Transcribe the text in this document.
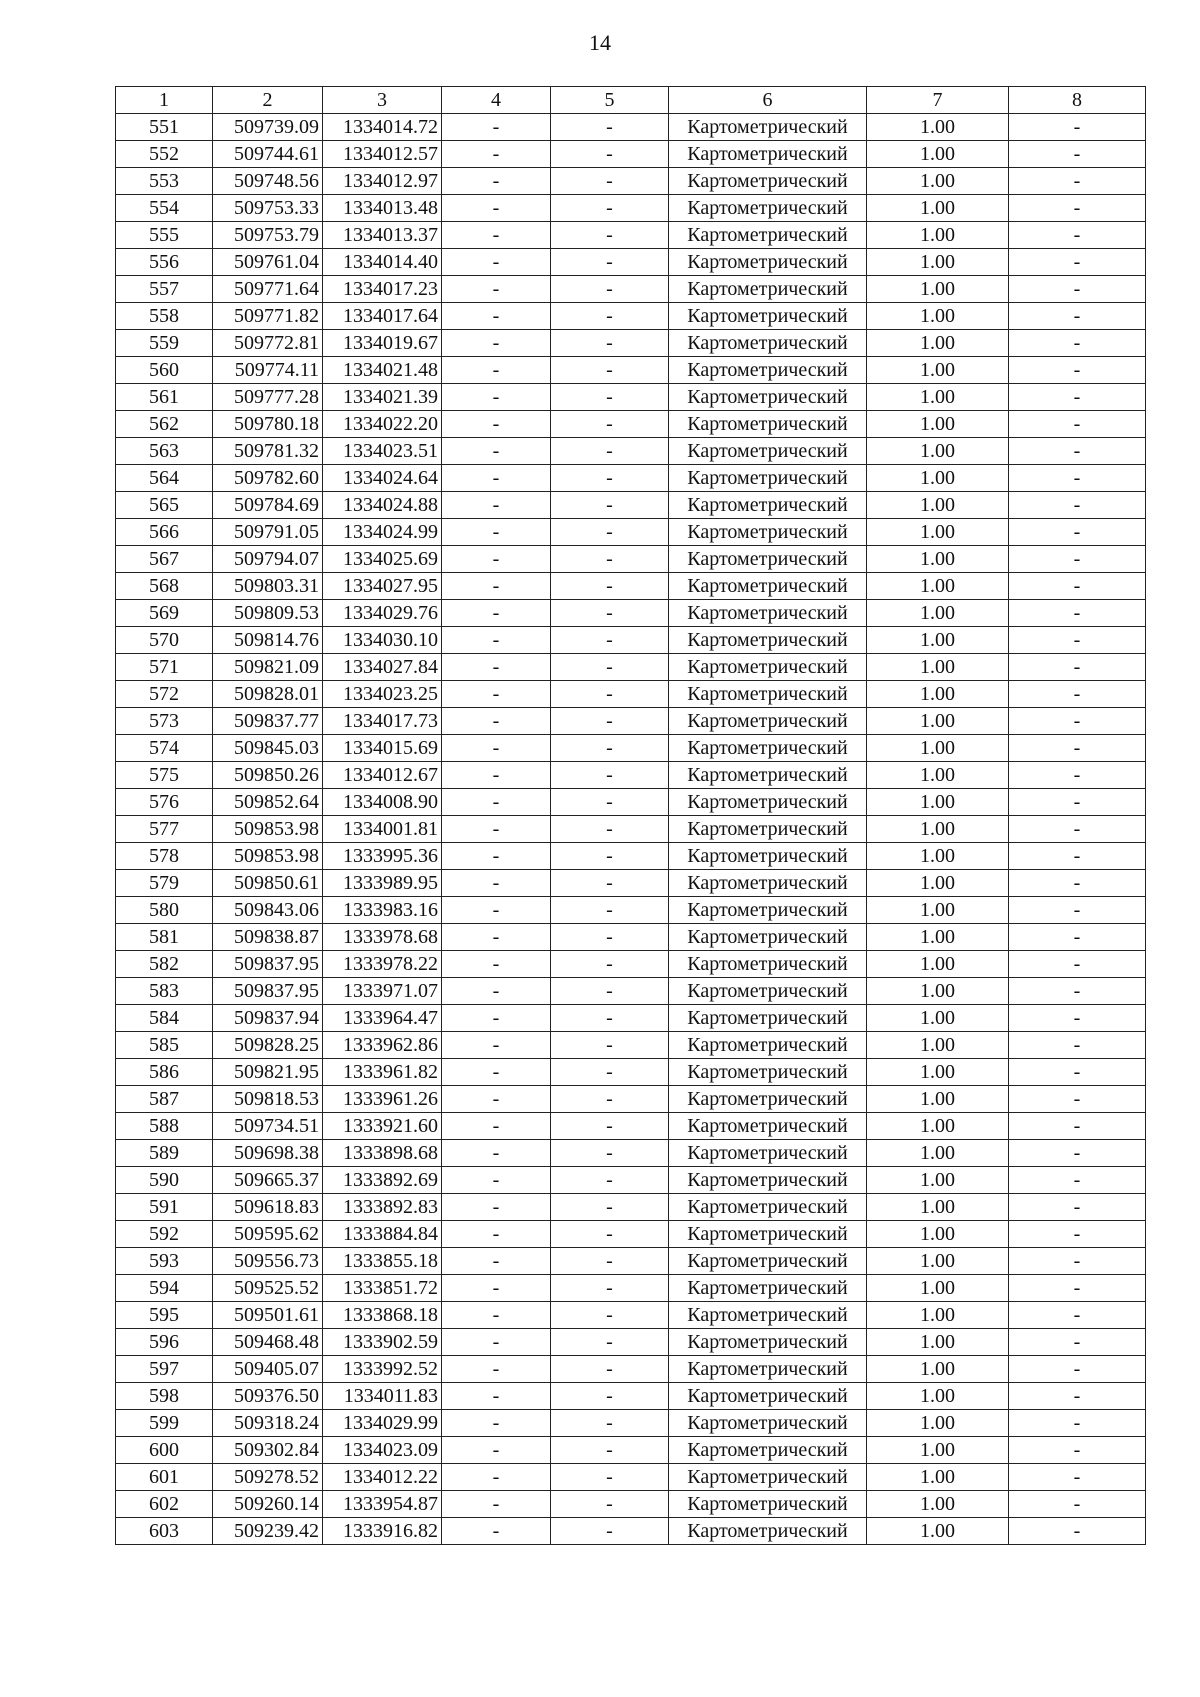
14
1	2	3	4	5	6	7	8
551	509739.09	1334014.72	-	-	Картометрический	1.00	-
552	509744.61	1334012.57	-	-	Картометрический	1.00	-
553	509748.56	1334012.97	-	-	Картометрический	1.00	-
554	509753.33	1334013.48	-	-	Картометрический	1.00	-
555	509753.79	1334013.37	-	-	Картометрический	1.00	-
556	509761.04	1334014.40	-	-	Картометрический	1.00	-
557	509771.64	1334017.23	-	-	Картометрический	1.00	-
558	509771.82	1334017.64	-	-	Картометрический	1.00	-
559	509772.81	1334019.67	-	-	Картометрический	1.00	-
560	509774.11	1334021.48	-	-	Картометрический	1.00	-
561	509777.28	1334021.39	-	-	Картометрический	1.00	-
562	509780.18	1334022.20	-	-	Картометрический	1.00	-
563	509781.32	1334023.51	-	-	Картометрический	1.00	-
564	509782.60	1334024.64	-	-	Картометрический	1.00	-
565	509784.69	1334024.88	-	-	Картометрический	1.00	-
566	509791.05	1334024.99	-	-	Картометрический	1.00	-
567	509794.07	1334025.69	-	-	Картометрический	1.00	-
568	509803.31	1334027.95	-	-	Картометрический	1.00	-
569	509809.53	1334029.76	-	-	Картометрический	1.00	-
570	509814.76	1334030.10	-	-	Картометрический	1.00	-
571	509821.09	1334027.84	-	-	Картометрический	1.00	-
572	509828.01	1334023.25	-	-	Картометрический	1.00	-
573	509837.77	1334017.73	-	-	Картометрический	1.00	-
574	509845.03	1334015.69	-	-	Картометрический	1.00	-
575	509850.26	1334012.67	-	-	Картометрический	1.00	-
576	509852.64	1334008.90	-	-	Картометрический	1.00	-
577	509853.98	1334001.81	-	-	Картометрический	1.00	-
578	509853.98	1333995.36	-	-	Картометрический	1.00	-
579	509850.61	1333989.95	-	-	Картометрический	1.00	-
580	509843.06	1333983.16	-	-	Картометрический	1.00	-
581	509838.87	1333978.68	-	-	Картометрический	1.00	-
582	509837.95	1333978.22	-	-	Картометрический	1.00	-
583	509837.95	1333971.07	-	-	Картометрический	1.00	-
584	509837.94	1333964.47	-	-	Картометрический	1.00	-
585	509828.25	1333962.86	-	-	Картометрический	1.00	-
586	509821.95	1333961.82	-	-	Картометрический	1.00	-
587	509818.53	1333961.26	-	-	Картометрический	1.00	-
588	509734.51	1333921.60	-	-	Картометрический	1.00	-
589	509698.38	1333898.68	-	-	Картометрический	1.00	-
590	509665.37	1333892.69	-	-	Картометрический	1.00	-
591	509618.83	1333892.83	-	-	Картометрический	1.00	-
592	509595.62	1333884.84	-	-	Картометрический	1.00	-
593	509556.73	1333855.18	-	-	Картометрический	1.00	-
594	509525.52	1333851.72	-	-	Картометрический	1.00	-
595	509501.61	1333868.18	-	-	Картометрический	1.00	-
596	509468.48	1333902.59	-	-	Картометрический	1.00	-
597	509405.07	1333992.52	-	-	Картометрический	1.00	-
598	509376.50	1334011.83	-	-	Картометрический	1.00	-
599	509318.24	1334029.99	-	-	Картометрический	1.00	-
600	509302.84	1334023.09	-	-	Картометрический	1.00	-
601	509278.52	1334012.22	-	-	Картометрический	1.00	-
602	509260.14	1333954.87	-	-	Картометрический	1.00	-
603	509239.42	1333916.82	-	-	Картометрический	1.00	-
